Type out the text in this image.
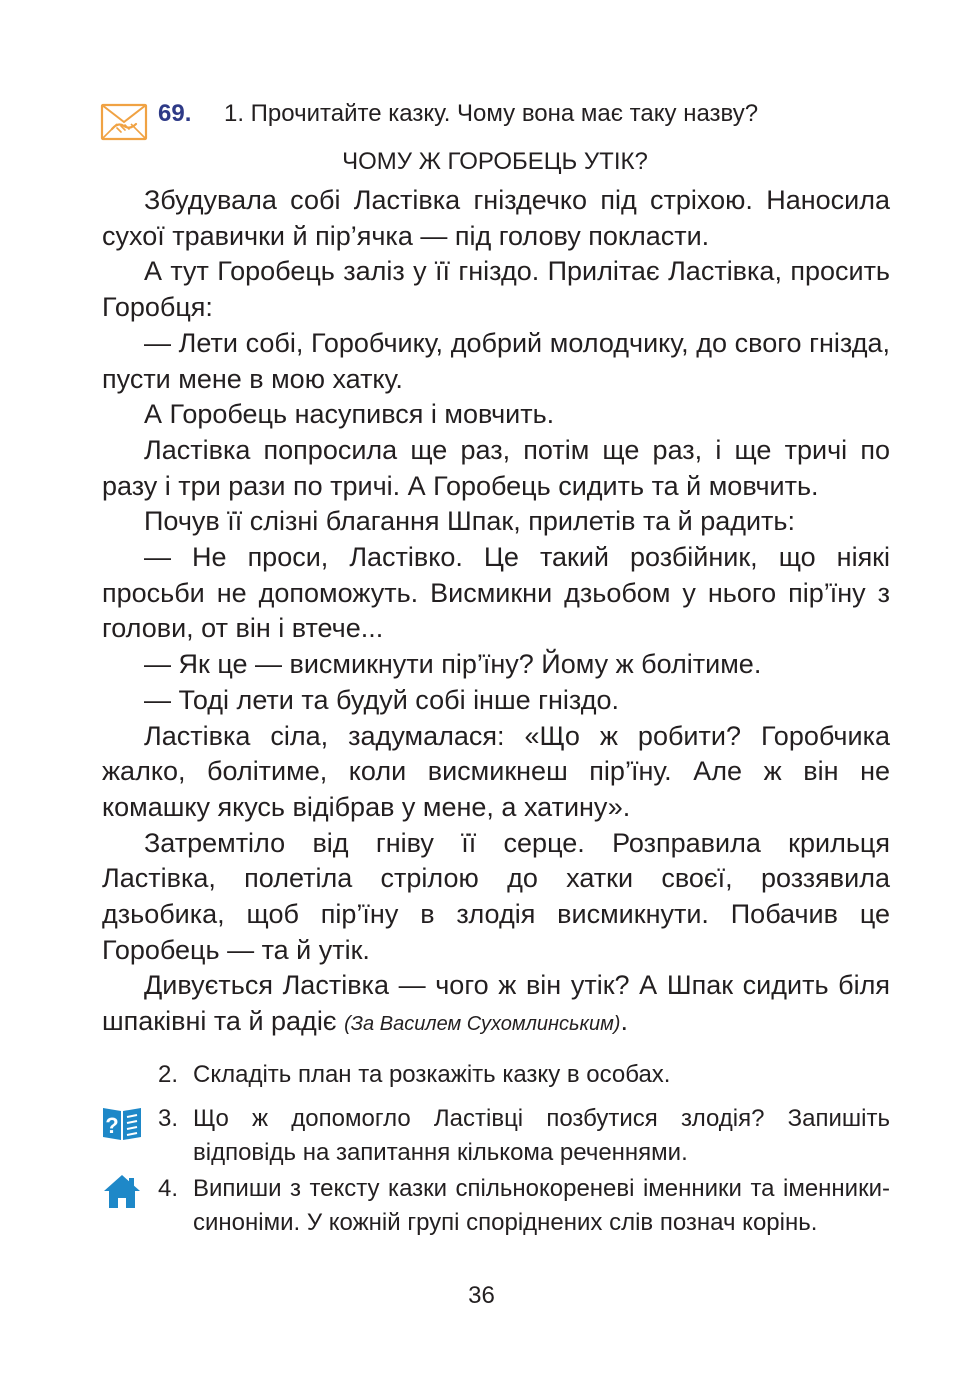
69. 1. Прочитайте казку. Чому вона має таку назву?
ЧОМУ Ж ГОРОБЕЦЬ УТІК?

Збудувала собі Ластівка гніздечко під стріхою. Наносила сухої травички й пір’ячка — під голову покласти.

А тут Горобець заліз у її гніздо. Прилітає Ластівка, просить Горобця:

— Лети собі, Горобчику, добрий молодчику, до свого гнізда, пусти мене в мою хатку.

А Горобець насупився і мовчить.

Ластівка попросила ще раз, потім ще раз, і ще тричі по разу і три рази по тричі. А Горобець сидить та й мовчить.

Почув її слізні благання Шпак, прилетів та й радить:

— Не проси, Ластівко. Це такий розбійник, що ніякі просьби не допоможуть. Висмикни дзьобом у нього пір’їну з голови, от він і втече...

— Як це — висмикнути пір’їну? Йому ж болітиме.

— Тоді лети та будуй собі інше гніздо.

Ластівка сіла, задумалася: «Що ж робити? Горобчика жалко, болітиме, коли висмикнеш пір’їну. Але ж він не комашку якусь відібрав у мене, а хатину».

Затремтіло від гніву її серце. Розправила крильця Ластівка, полетіла стрілою до хатки своєї, роззявила дзьобика, щоб пір’їну в злодія висмикнути. Побачив це Горобець — та й утік.

Дивується Ластівка — чого ж він утік? А Шпак сидить біля шпаківні та й радіє (За Василем Сухомлинським).

2. Складіть план та розкажіть казку в особах.
? 3. Що ж допомогло Ластівці позбутися злодія? Запишіть відповідь на запитання кількома реченнями.
4. Випиши з тексту казки спільнокореневі іменники та іменники-синоніми. У кожній групі споріднених слів познач корінь.
36
